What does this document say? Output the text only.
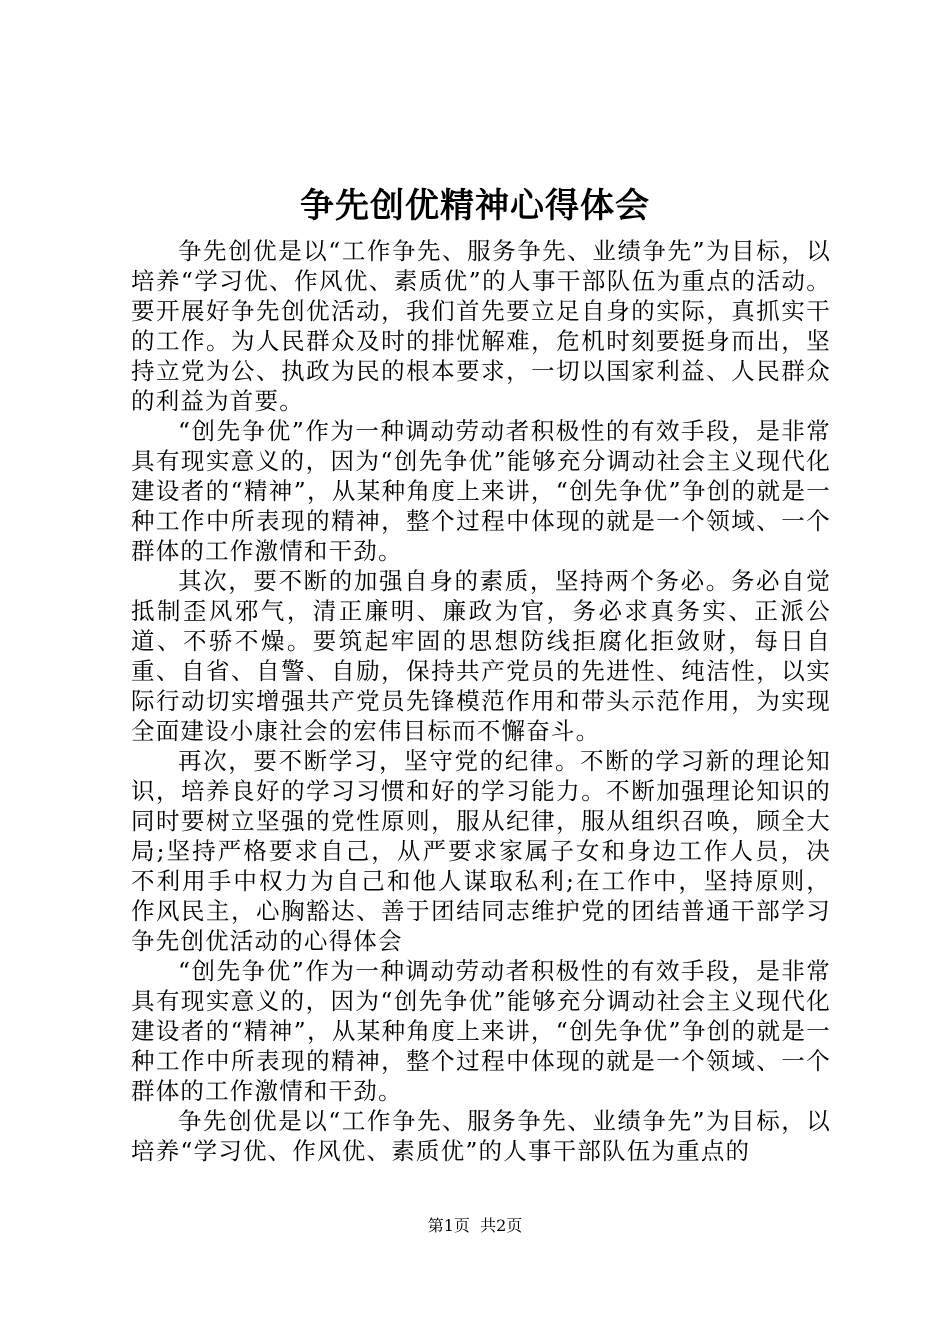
争先创优精神心得体会

争先创优是以“工作争先、服务争先、业绩争先”为目标，以培养“学习优、作风优、素质优”的人事干部队伍为重点的活动。要开展好争先创优活动，我们首先要立足自身的实际，真抓实干的工作。为人民群众及时的排忧解难，危机时刻要挺身而出，坚持立党为公、执政为民的根本要求，一切以国家利益、人民群众的利益为首要。

“创先争优”作为一种调动劳动者积极性的有效手段，是非常具有现实意义的，因为“创先争优”能够充分调动社会主义现代化建设者的“精神”，从某种角度上来讲，“创先争优”争创的就是一种工作中所表现的精神，整个过程中体现的就是一个领域、一个群体的工作激情和干劲。

其次，要不断的加强自身的素质，坚持两个务必。务必自觉抵制歪风邪气，清正廉明、廉政为官，务必求真务实、正派公道、不骄不燥。要筑起牢固的思想防线拒腐化拒敛财，每日自重、自省、自警、自励，保持共产党员的先进性、纯洁性，以实际行动切实增强共产党员先锋模范作用和带头示范作用，为实现全面建设小康社会的宏伟目标而不懈奋斗。

再次，要不断学习，坚守党的纪律。不断的学习新的理论知识，培养良好的学习习惯和好的学习能力。不断加强理论知识的同时要树立坚强的党性原则，服从纪律，服从组织召唤，顾全大局;坚持严格要求自己，从严要求家属子女和身边工作人员，决不利用手中权力为自己和他人谋取私利;在工作中，坚持原则，作风民主，心胸豁达、善于团结同志维护党的团结普通干部学习争先创优活动的心得体会

“创先争优”作为一种调动劳动者积极性的有效手段，是非常具有现实意义的，因为“创先争优”能够充分调动社会主义现代化建设者的“精神”，从某种角度上来讲，“创先争优”争创的就是一种工作中所表现的精神，整个过程中体现的就是一个领域、一个群体的工作激情和干劲。

争先创优是以“工作争先、服务争先、业绩争先”为目标，以培养“学习优、作风优、素质优”的人事干部队伍为重点的

第1页 共2页
